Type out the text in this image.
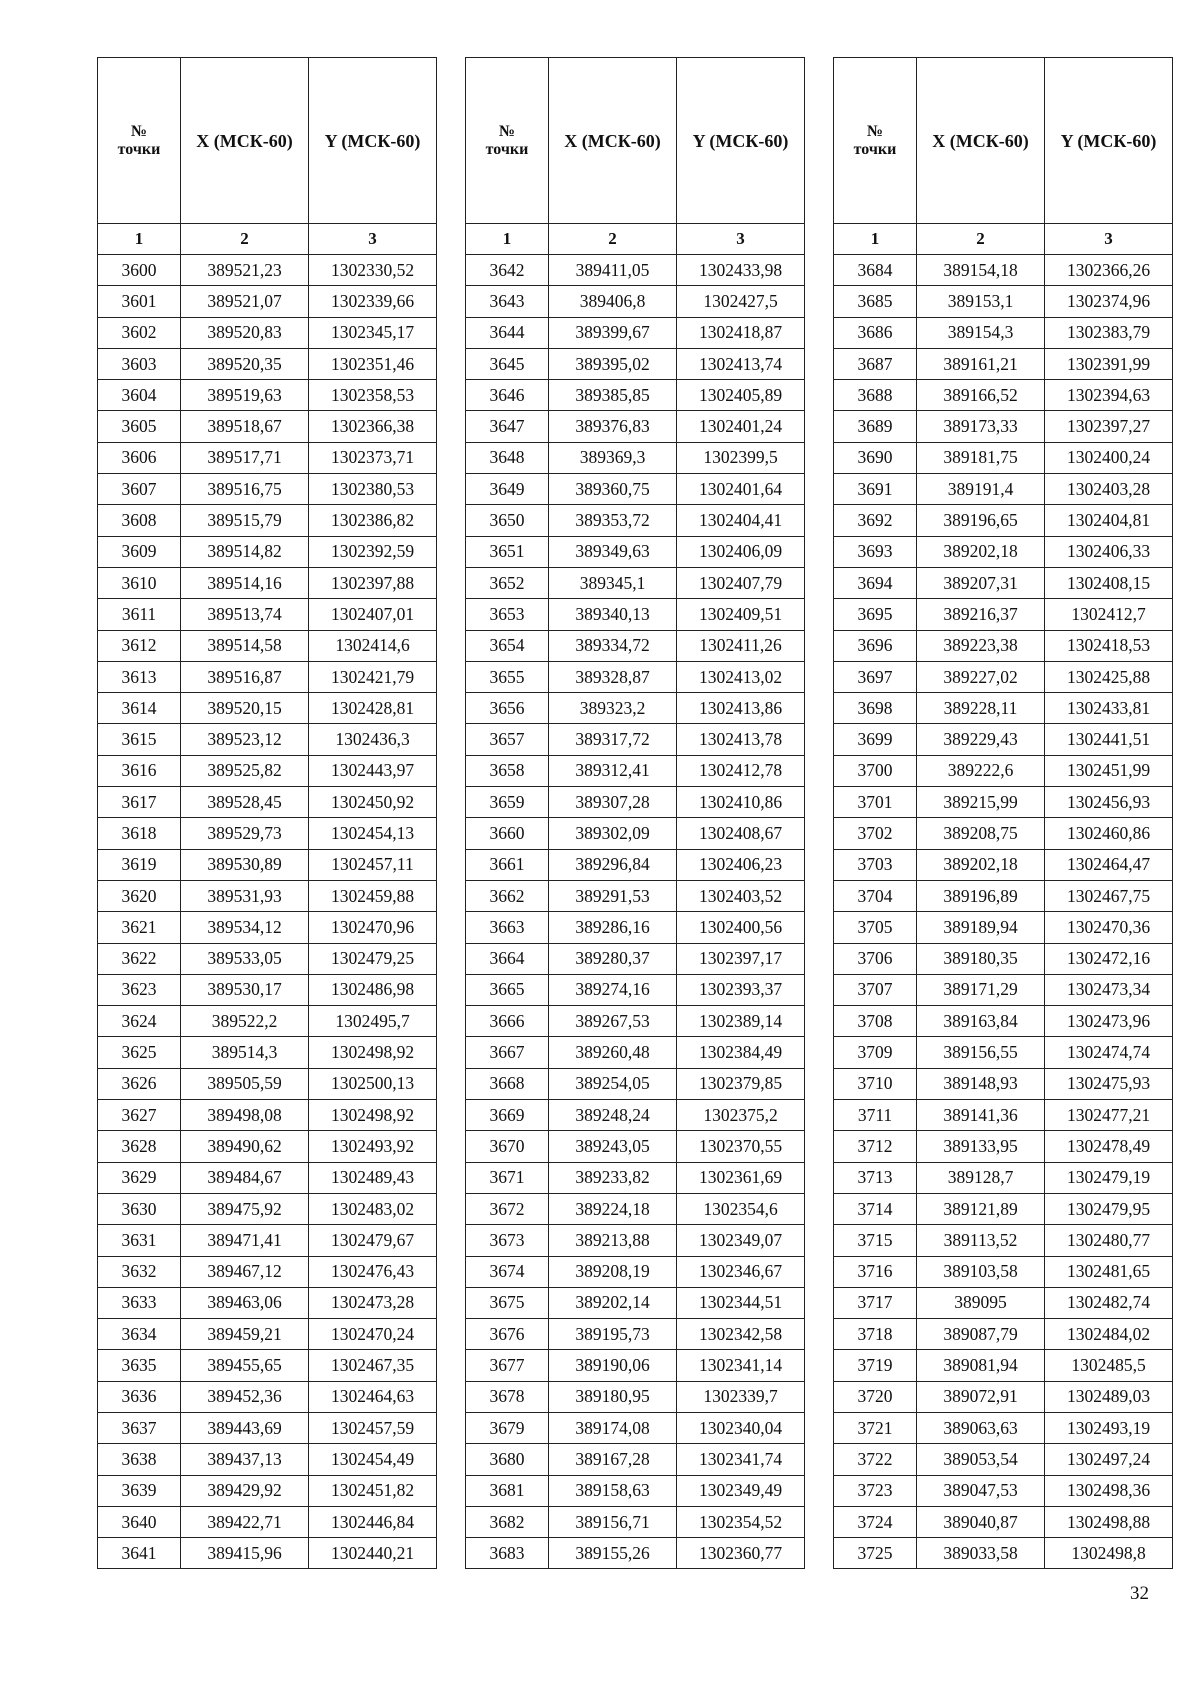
№
точки	X (МСК-60)	Y (МСК-60)
1	2	3
3600	389521,23	1302330,52
3601	389521,07	1302339,66
3602	389520,83	1302345,17
3603	389520,35	1302351,46
3604	389519,63	1302358,53
3605	389518,67	1302366,38
3606	389517,71	1302373,71
3607	389516,75	1302380,53
3608	389515,79	1302386,82
3609	389514,82	1302392,59
3610	389514,16	1302397,88
3611	389513,74	1302407,01
3612	389514,58	1302414,6
3613	389516,87	1302421,79
3614	389520,15	1302428,81
3615	389523,12	1302436,3
3616	389525,82	1302443,97
3617	389528,45	1302450,92
3618	389529,73	1302454,13
3619	389530,89	1302457,11
3620	389531,93	1302459,88
3621	389534,12	1302470,96
3622	389533,05	1302479,25
3623	389530,17	1302486,98
3624	389522,2	1302495,7
3625	389514,3	1302498,92
3626	389505,59	1302500,13
3627	389498,08	1302498,92
3628	389490,62	1302493,92
3629	389484,67	1302489,43
3630	389475,92	1302483,02
3631	389471,41	1302479,67
3632	389467,12	1302476,43
3633	389463,06	1302473,28
3634	389459,21	1302470,24
3635	389455,65	1302467,35
3636	389452,36	1302464,63
3637	389443,69	1302457,59
3638	389437,13	1302454,49
3639	389429,92	1302451,82
3640	389422,71	1302446,84
3641	389415,96	1302440,21
№
точки	X (МСК-60)	Y (МСК-60)
1	2	3
3642	389411,05	1302433,98
3643	389406,8	1302427,5
3644	389399,67	1302418,87
3645	389395,02	1302413,74
3646	389385,85	1302405,89
3647	389376,83	1302401,24
3648	389369,3	1302399,5
3649	389360,75	1302401,64
3650	389353,72	1302404,41
3651	389349,63	1302406,09
3652	389345,1	1302407,79
3653	389340,13	1302409,51
3654	389334,72	1302411,26
3655	389328,87	1302413,02
3656	389323,2	1302413,86
3657	389317,72	1302413,78
3658	389312,41	1302412,78
3659	389307,28	1302410,86
3660	389302,09	1302408,67
3661	389296,84	1302406,23
3662	389291,53	1302403,52
3663	389286,16	1302400,56
3664	389280,37	1302397,17
3665	389274,16	1302393,37
3666	389267,53	1302389,14
3667	389260,48	1302384,49
3668	389254,05	1302379,85
3669	389248,24	1302375,2
3670	389243,05	1302370,55
3671	389233,82	1302361,69
3672	389224,18	1302354,6
3673	389213,88	1302349,07
3674	389208,19	1302346,67
3675	389202,14	1302344,51
3676	389195,73	1302342,58
3677	389190,06	1302341,14
3678	389180,95	1302339,7
3679	389174,08	1302340,04
3680	389167,28	1302341,74
3681	389158,63	1302349,49
3682	389156,71	1302354,52
3683	389155,26	1302360,77
№
точки	X (МСК-60)	Y (МСК-60)
1	2	3
3684	389154,18	1302366,26
3685	389153,1	1302374,96
3686	389154,3	1302383,79
3687	389161,21	1302391,99
3688	389166,52	1302394,63
3689	389173,33	1302397,27
3690	389181,75	1302400,24
3691	389191,4	1302403,28
3692	389196,65	1302404,81
3693	389202,18	1302406,33
3694	389207,31	1302408,15
3695	389216,37	1302412,7
3696	389223,38	1302418,53
3697	389227,02	1302425,88
3698	389228,11	1302433,81
3699	389229,43	1302441,51
3700	389222,6	1302451,99
3701	389215,99	1302456,93
3702	389208,75	1302460,86
3703	389202,18	1302464,47
3704	389196,89	1302467,75
3705	389189,94	1302470,36
3706	389180,35	1302472,16
3707	389171,29	1302473,34
3708	389163,84	1302473,96
3709	389156,55	1302474,74
3710	389148,93	1302475,93
3711	389141,36	1302477,21
3712	389133,95	1302478,49
3713	389128,7	1302479,19
3714	389121,89	1302479,95
3715	389113,52	1302480,77
3716	389103,58	1302481,65
3717	389095	1302482,74
3718	389087,79	1302484,02
3719	389081,94	1302485,5
3720	389072,91	1302489,03
3721	389063,63	1302493,19
3722	389053,54	1302497,24
3723	389047,53	1302498,36
3724	389040,87	1302498,88
3725	389033,58	1302498,8
32
